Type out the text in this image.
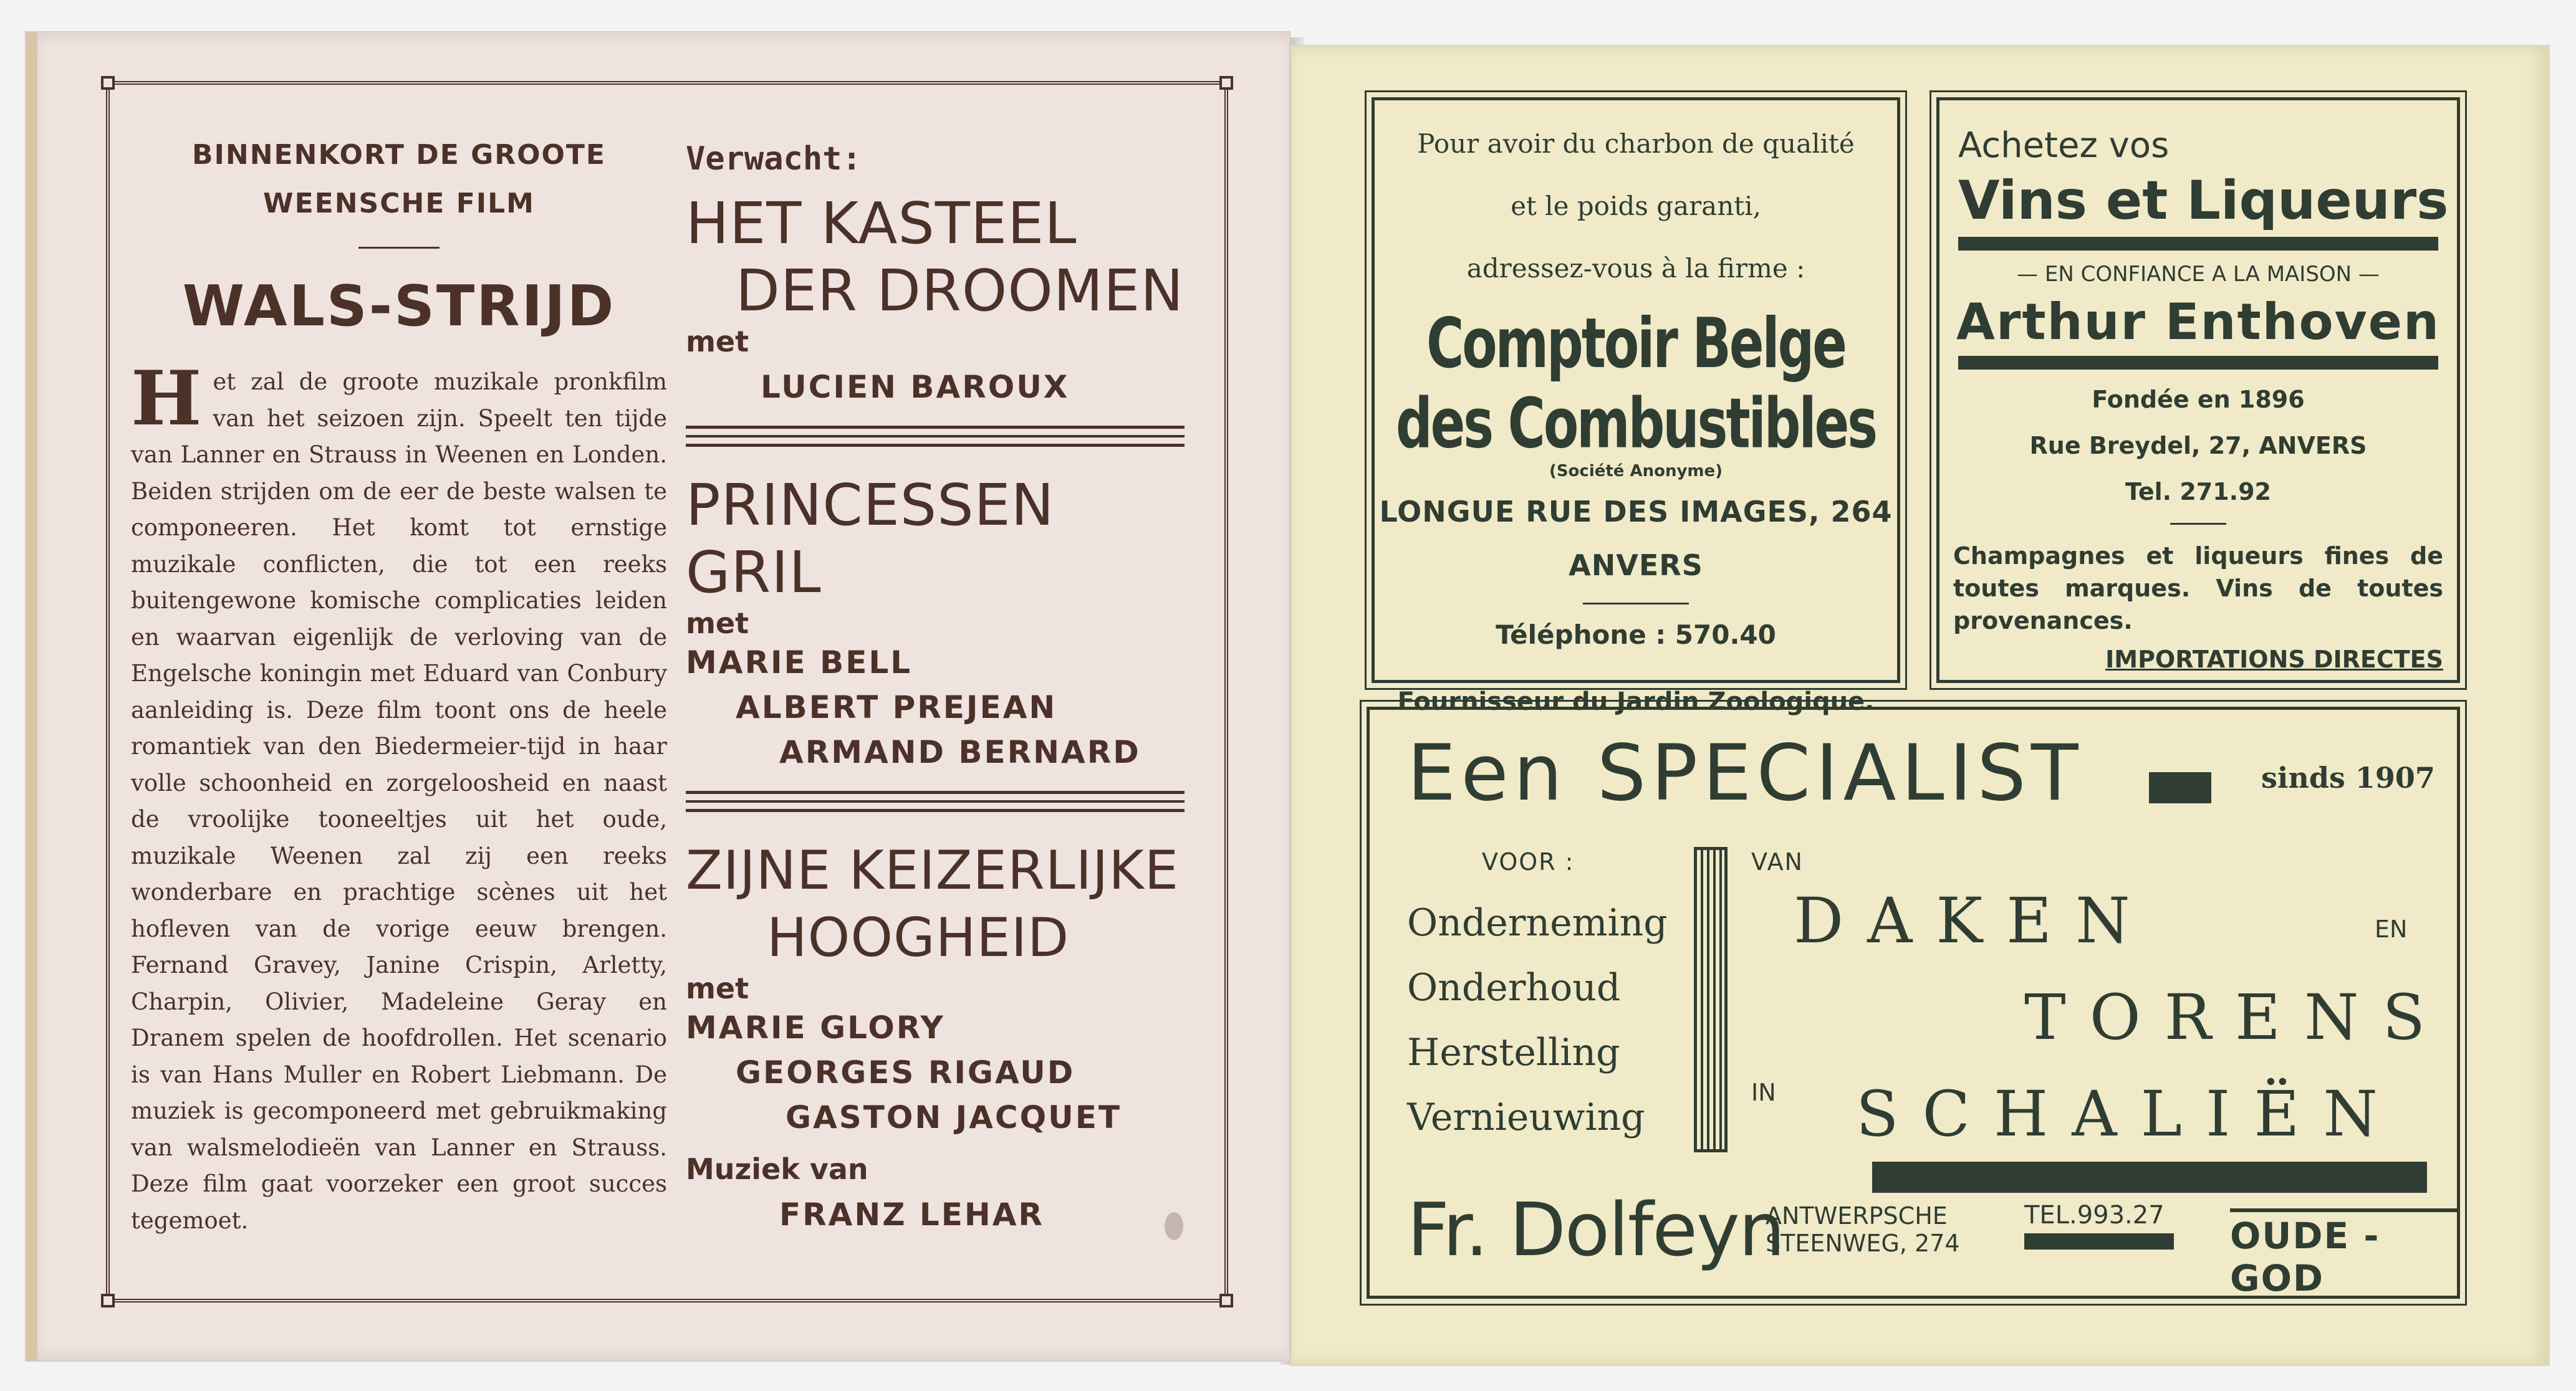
BINNENKORT DE GROOTE
WEENSCHE FILM
WALS-STRIJD
Het zal de groote muzikale pronkfilm van het seizoen zijn. Speelt ten tijde van Lanner en Strauss in Weenen en Londen. Beiden strijden om de eer de beste walsen te componeeren. Het komt tot ernstige muzikale conflicten, die tot een reeks buitengewone komische complicaties leiden en waarvan eigenlijk de verloving van de Engelsche koningin met Eduard van Conbury aanleiding is. Deze film toont ons de heele romantiek van den Biedermeier-tijd in haar volle schoonheid en zorgeloosheid en naast de vroolijke tooneeltjes uit het oude, muzikale Weenen zal zij een reeks wonderbare en prachtige scènes uit het hofleven van de vorige eeuw brengen. Fernand Gravey, Janine Crispin, Arletty, Charpin, Olivier, Madeleine Geray en Dranem spelen de hoofdrollen. Het scenario is van Hans Muller en Robert Liebmann. De muziek is gecomponeerd met gebruikmaking van walsmelodieën van Lanner en Strauss. Deze film gaat voorzeker een groot succes tegemoet.
Verwacht:
HET KASTEEL
DER DROOMEN
met
LUCIEN BAROUX
PRINCESSEN GRIL
met
MARIE BELL
ALBERT PREJEAN
ARMAND BERNARD
ZIJNE KEIZERLIJKE
HOOGHEID
met
MARIE GLORY
GEORGES RIGAUD
GASTON JACQUET
Muziek van
FRANZ LEHAR
Pour avoir du charbon de qualité
et le poids garanti,
adressez-vous à la firme :
Comptoir Belge des Combustibles
(Société Anonyme)
LONGUE RUE DES IMAGES, 264
ANVERS
Téléphone : 570.40
Fournisseur du Jardin Zoologique.
Achetez vos
Vins et Liqueurs
— EN CONFIANCE A LA MAISON —
Arthur Enthoven
Fondée en 1896
Rue Breydel, 27, ANVERS
Tel. 271.92
Champagnes et liqueurs fines de toutes marques. Vins de toutes provenances.
IMPORTATIONS DIRECTES
Een SPECIALIST	sinds 1907
VOOR :
Onderneming
Onderhoud
Herstelling
Vernieuwing
VAN
IN
DAKEN	EN
TORENS
SCHALIËN
Fr. Dolfeyn
ANTWERPSCHE
STEENWEG, 274
TEL.993.27 OUDE - GOD
